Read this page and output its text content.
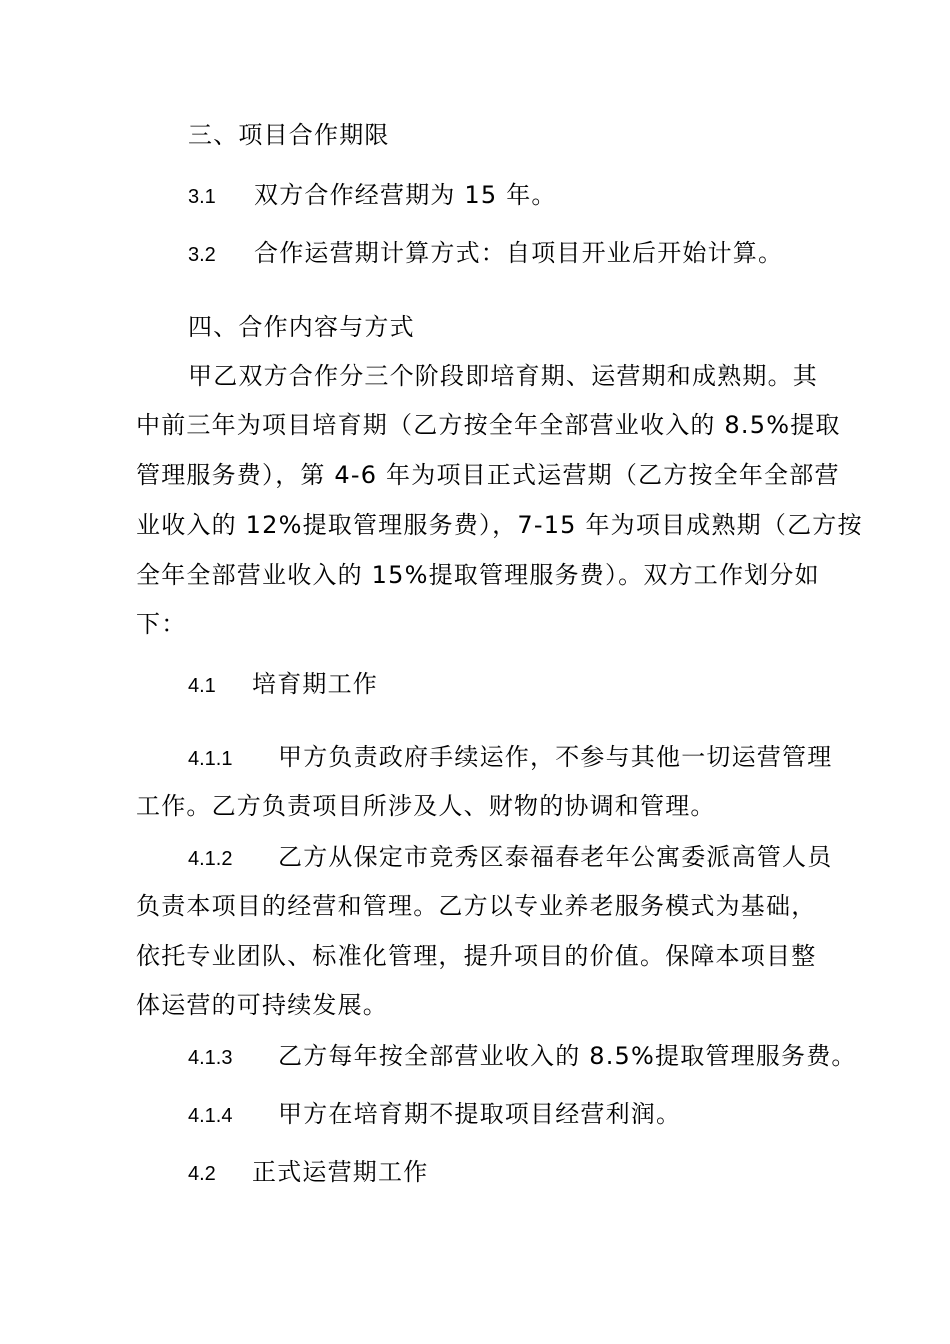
三、项目合作期限
3.1 双方合作经营期为 15 年。
3.2 合作运营期计算方式：自项目开业后开始计算。
四、合作内容与方式
甲乙双方合作分三个阶段即培育期、运营期和成熟期。其
中前三年为项目培育期（乙方按全年全部营业收入的 8.5%提取
管理服务费），第 4-6 年为项目正式运营期（乙方按全年全部营
业收入的 12%提取管理服务费），7-15 年为项目成熟期（乙方按
全年全部营业收入的 15%提取管理服务费）。双方工作划分如
下：
4.1 培育期工作
4.1.1 甲方负责政府手续运作，不参与其他一切运营管理
工作。乙方负责项目所涉及人、财物的协调和管理。
4.1.2 乙方从保定市竞秀区泰福春老年公寓委派高管人员
负责本项目的经营和管理。乙方以专业养老服务模式为基础，
依托专业团队、标准化管理，提升项目的价值。保障本项目整
体运营的可持续发展。
4.1.3 乙方每年按全部营业收入的 8.5%提取管理服务费。
4.1.4 甲方在培育期不提取项目经营利润。
4.2 正式运营期工作
